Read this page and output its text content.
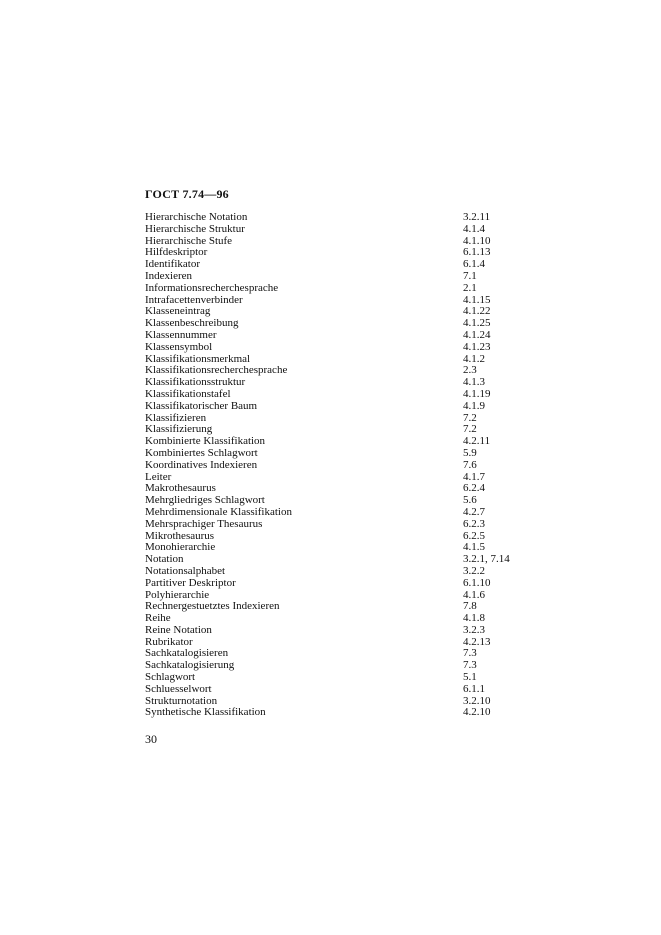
ГОСТ 7.74—96
Hierarchische Notation	3.2.11
Hierarchische Struktur	4.1.4
Hierarchische Stufe	4.1.10
Hilfdeskriptor	6.1.13
Identifikator	6.1.4
Indexieren	7.1
Informationsrecherchesprache	2.1
Intrafacettenverbinder	4.1.15
Klasseneintrag	4.1.22
Klassenbeschreibung	4.1.25
Klassennummer	4.1.24
Klassensymbol	4.1.23
Klassifikationsmerkmal	4.1.2
Klassifikationsrecherchesprache	2.3
Klassifikationsstruktur	4.1.3
Klassifikationstafel	4.1.19
Klassifikatorischer Baum	4.1.9
Klassifizieren	7.2
Klassifizierung	7.2
Kombinierte Klassifikation	4.2.11
Kombiniertes Schlagwort	5.9
Koordinatives Indexieren	7.6
Leiter	4.1.7
Makrothesaurus	6.2.4
Mehrgliedriges Schlagwort	5.6
Mehrdimensionale Klassifikation	4.2.7
Mehrsprachiger Thesaurus	6.2.3
Mikrothesaurus	6.2.5
Monohierarchie	4.1.5
Notation	3.2.1, 7.14
Notationsalphabet	3.2.2
Partitiver Deskriptor	6.1.10
Polyhierarchie	4.1.6
Rechnergestuetztes Indexieren	7.8
Reihe	4.1.8
Reine Notation	3.2.3
Rubrikator	4.2.13
Sachkatalogisieren	7.3
Sachkatalogisierung	7.3
Schlagwort	5.1
Schluesselwort	6.1.1
Strukturnotation	3.2.10
Synthetische Klassifikation	4.2.10
30
